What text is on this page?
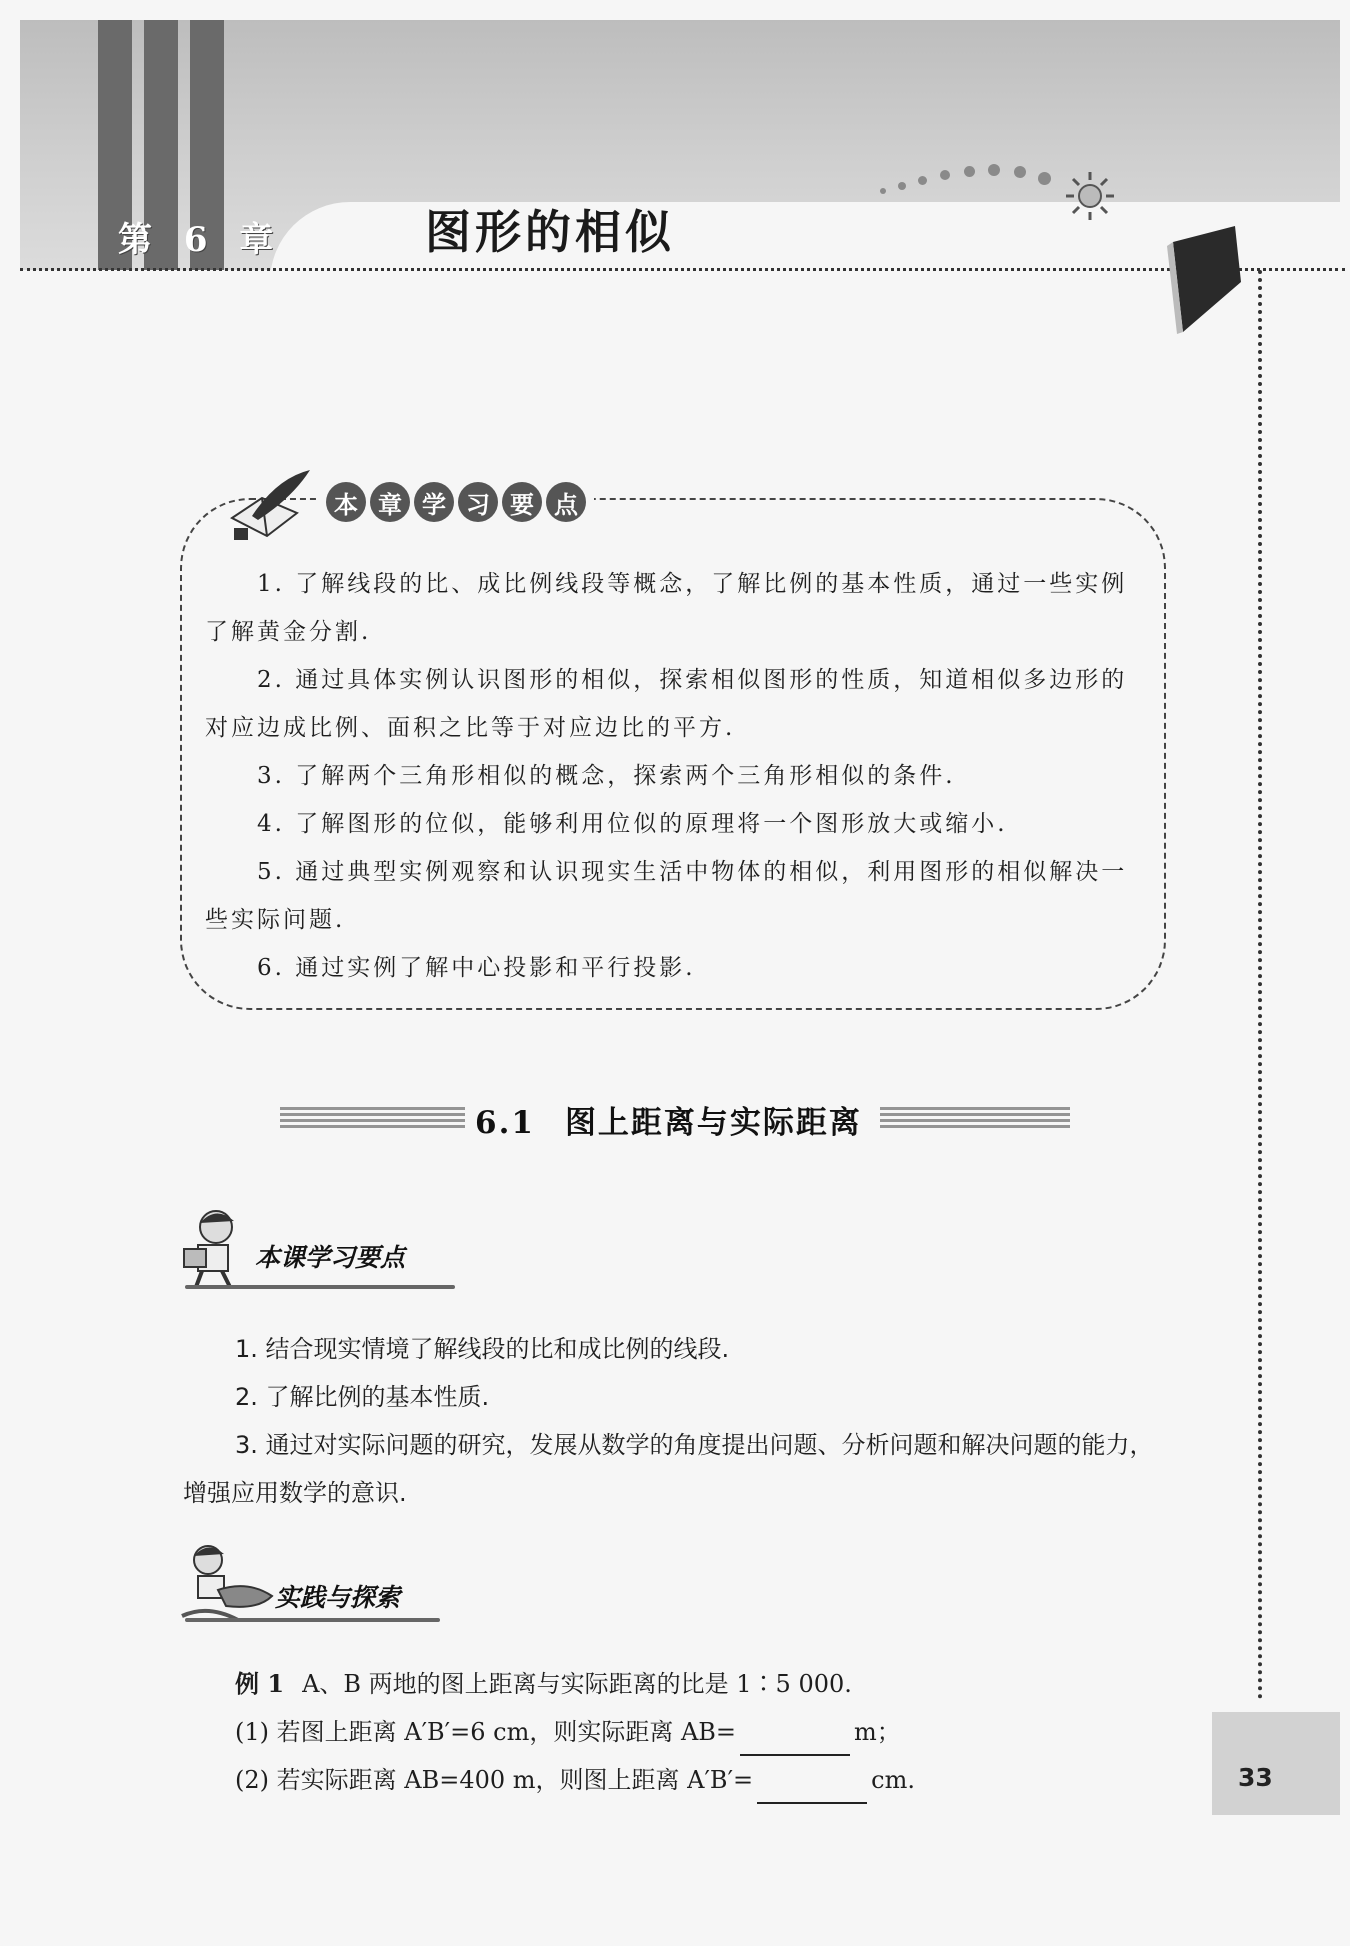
第 6 章	图形的相似
本 章 学 习 要 点

1. 了解线段的比、成比例线段等概念，了解比例的基本性质，通过一些实例了解黄金分割.

2. 通过具体实例认识图形的相似，探索相似图形的性质，知道相似多边形的对应边成比例、面积之比等于对应边比的平方.

3. 了解两个三角形相似的概念，探索两个三角形相似的条件.

4. 了解图形的位似，能够利用位似的原理将一个图形放大或缩小.

5. 通过典型实例观察和认识现实生活中物体的相似，利用图形的相似解决一些实际问题.

6. 通过实例了解中心投影和平行投影.

6.1 图上距离与实际距离
本课学习要点

1. 结合现实情境了解线段的比和成比例的线段.

2. 了解比例的基本性质.

3. 通过对实际问题的研究，发展从数学的角度提出问题、分析问题和解决问题的能力，增强应用数学的意识.

实践与探索

例 1 A、B 两地的图上距离与实际距离的比是 1∶5 000.

(1) 若图上距离 A′B′=6 cm，则实际距离 AB=	m；

(2) 若实际距离 AB=400 m，则图上距离 A′B′=	cm.	33
